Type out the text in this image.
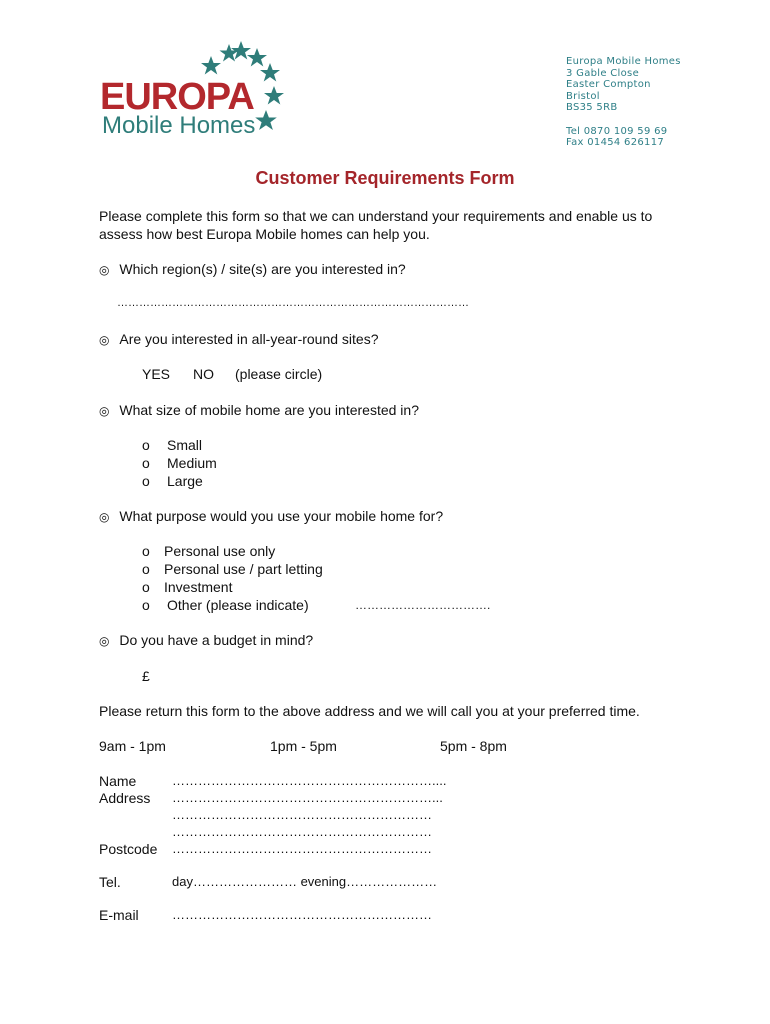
EUROPA
Mobile Homes
Europa Mobile Homes
3 Gable Close
Easter Compton
Bristol
BS35 5RB
Tel 0870 109 59 69
Fax 01454 626117
Customer Requirements Form
Please complete this form so that we can understand your requirements and enable us to
assess how best Europa Mobile homes can help you.
◎ Which region(s) / site(s) are you interested in?
……………………………………………………………………………………
◎ Are you interested in all-year-round sites?
YES NO (please circle)
◎ What size of mobile home are you interested in?
o Small
o Medium
o Large
◎ What purpose would you use your mobile home for?
o Personal use only
o Personal use / part letting
o Investment
o Other (please indicate)	…………………………….
◎ Do you have a budget in mind?
£
Please return this form to the above address and we will call you at your preferred time.
9am - 1pm	1pm - 5pm	5pm - 8pm
Name	……………………………………………………....
Address ……………………………………………………...
……………………………………………………
……………………………………………………
Postcode ……………………………………………………
Tel.	day…………………… evening…………………
E-mail	……………………………………………………
